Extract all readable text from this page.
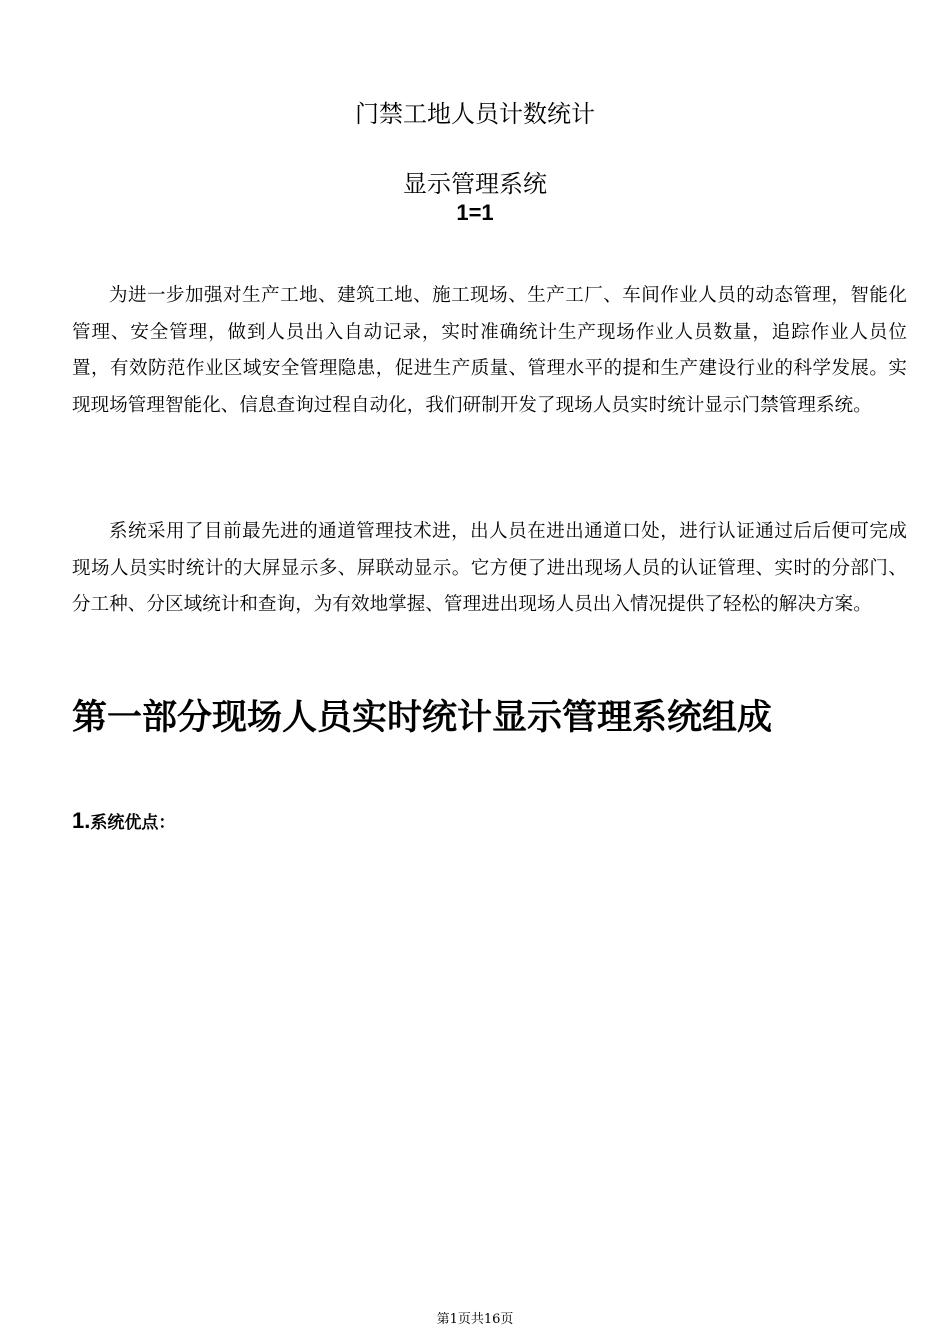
门禁工地人员计数统计
显示管理系统
1=1

为进一步加强对生产工地、建筑工地、施工现场、生产工厂、车间作业人员的动态管理，智能化管理、安全管理，做到人员出入自动记录，实时准确统计生产现场作业人员数量，追踪作业人员位置，有效防范作业区域安全管理隐患，促进生产质量、管理水平的提和生产建设行业的科学发展。实现现场管理智能化、信息查询过程自动化，我们研制开发了现场人员实时统计显示门禁管理系统。

系统采用了目前最先进的通道管理技术进，出人员在进出通道口处，进行认证通过后后便可完成现场人员实时统计的大屏显示多、屏联动显示。它方便了进出现场人员的认证管理、实时的分部门、分工种、分区域统计和查询，为有效地掌握、管理进出现场人员出入情况提供了轻松的解决方案。

第一部分现场人员实时统计显示管理系统组成
1.系统优点：
第1页共16页
